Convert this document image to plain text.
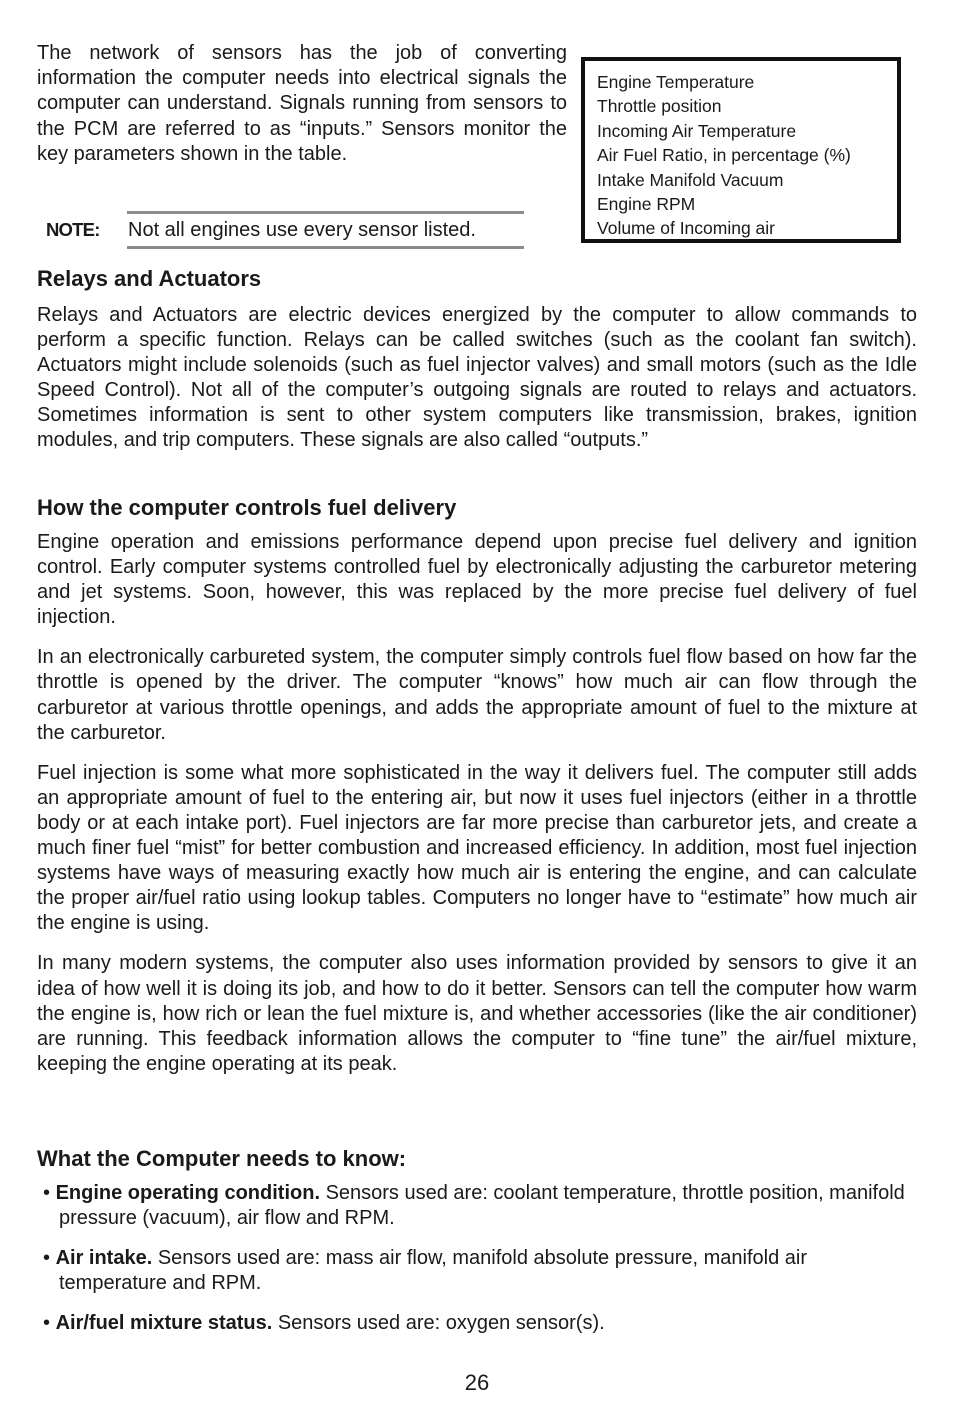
The network of sensors has the job of converting information the computer needs into electrical signals the computer can understand. Signals running from sensors to the PCM are referred to as “inputs.” Sensors monitor the key parameters shown in the table.

NOTE: Not all engines use every sensor listed.
Engine Temperature
Throttle position
Incoming Air Temperature
Air Fuel Ratio, in percentage (%)
Intake Manifold Vacuum
Engine RPM
Volume of Incoming air
Relays and Actuators

Relays and Actuators are electric devices energized by the computer to allow commands to perform a specific function. Relays can be called switches (such as the coolant fan switch). Actuators might include solenoids (such as fuel injector valves) and small motors (such as the Idle Speed Control). Not all of the computer’s outgoing signals are routed to relays and actuators. Sometimes information is sent to other system computers like transmission, brakes, ignition modules, and trip computers. These signals are also called “outputs.”

How the computer controls fuel delivery

Engine operation and emissions performance depend upon precise fuel delivery and ignition control. Early computer systems controlled fuel by electronically adjusting the carburetor metering and jet systems. Soon, however, this was replaced by the more precise fuel delivery of fuel injection.

In an electronically carbureted system, the computer simply controls fuel flow based on how far the throttle is opened by the driver. The computer “knows” how much air can flow through the carburetor at various throttle openings, and adds the appropriate amount of fuel to the mixture at the carburetor.

Fuel injection is some what more sophisticated in the way it delivers fuel. The computer still adds an appropriate amount of fuel to the entering air, but now it uses fuel injectors (either in a throttle body or at each intake port). Fuel injectors are far more precise than carburetor jets, and create a much finer fuel “mist” for better combustion and increased efficiency. In addition, most fuel injection systems have ways of measuring exactly how much air is entering the engine, and can calculate the proper air/fuel ratio using lookup tables. Computers no longer have to “estimate” how much air the engine is using.

In many modern systems, the computer also uses information provided by sensors to give it an idea of how well it is doing its job, and how to do it better. Sensors can tell the computer how warm the engine is, how rich or lean the fuel mixture is, and whether accessories (like the air conditioner) are running. This feedback information allows the computer to “fine tune” the air/fuel mixture, keeping the engine operating at its peak.

What the Computer needs to know:
• Engine operating condition. Sensors used are: coolant temperature, throttle position, manifold pressure (vacuum), air flow and RPM.
• Air intake. Sensors used are: mass air flow, manifold absolute pressure, manifold air temperature and RPM.
• Air/fuel mixture status. Sensors used are: oxygen sensor(s).
26
